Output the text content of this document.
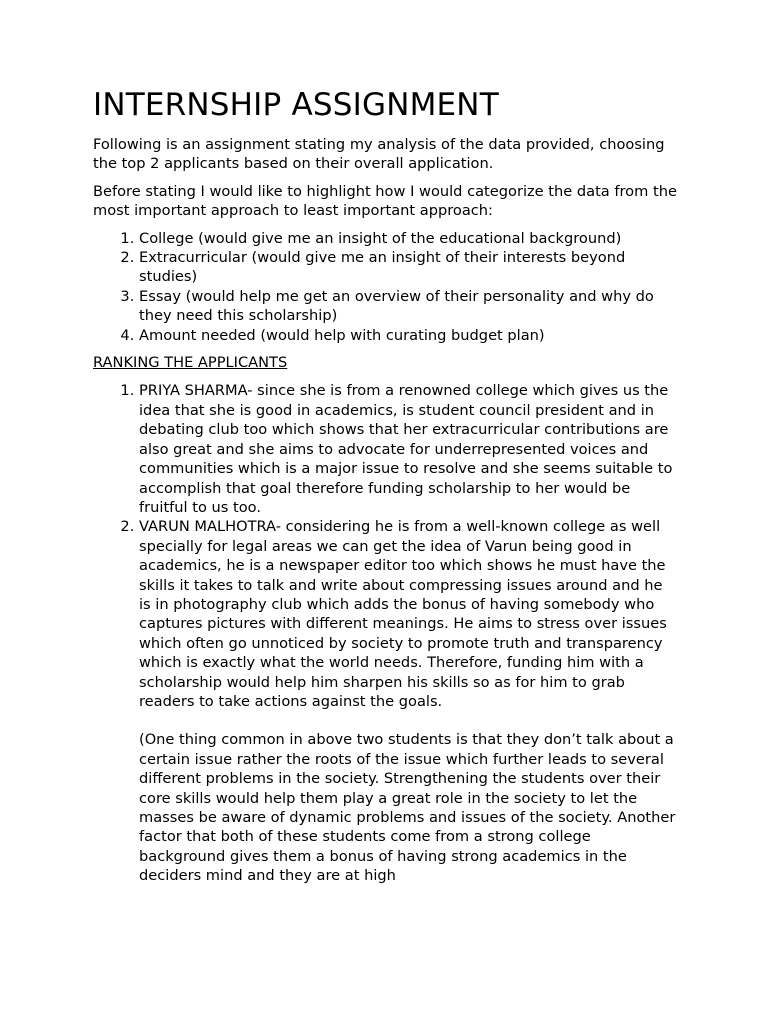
INTERNSHIP ASSIGNMENT

Following is an assignment stating my analysis of the data provided, choosing the top 2 applicants based on their overall application.

Before stating I would like to highlight how I would categorize the data from the most important approach to least important approach:

1. College (would give me an insight of the educational background)
2. Extracurricular (would give me an insight of their interests beyond studies)
3. Essay (would help me get an overview of their personality and why do they need this scholarship)
4. Amount needed (would help with curating budget plan)

RANKING THE APPLICANTS

1. PRIYA SHARMA- since she is from a renowned college which gives us the idea that she is good in academics, is student council president and in debating club too which shows that her extracurricular contributions are also great and she aims to advocate for underrepresented voices and communities which is a major issue to resolve and she seems suitable to accomplish that goal therefore funding scholarship to her would be fruitful to us too.
2. VARUN MALHOTRA- considering he is from a well-known college as well specially for legal areas we can get the idea of Varun being good in academics, he is a newspaper editor too which shows he must have the skills it takes to talk and write about compressing issues around and he is in photography club which adds the bonus of having somebody who captures pictures with different meanings. He aims to stress over issues which often go unnoticed by society to promote truth and transparency which is exactly what the world needs. Therefore, funding him with a scholarship would help him sharpen his skills so as for him to grab readers to take actions against the goals.

(One thing common in above two students is that they don’t talk about a certain issue rather the roots of the issue which further leads to several different problems in the society. Strengthening the students over their core skills would help them play a great role in the society to let the masses be aware of dynamic problems and issues of the society. Another factor that both of these students come from a strong college background gives them a bonus of having strong academics in the deciders mind and they are at high
